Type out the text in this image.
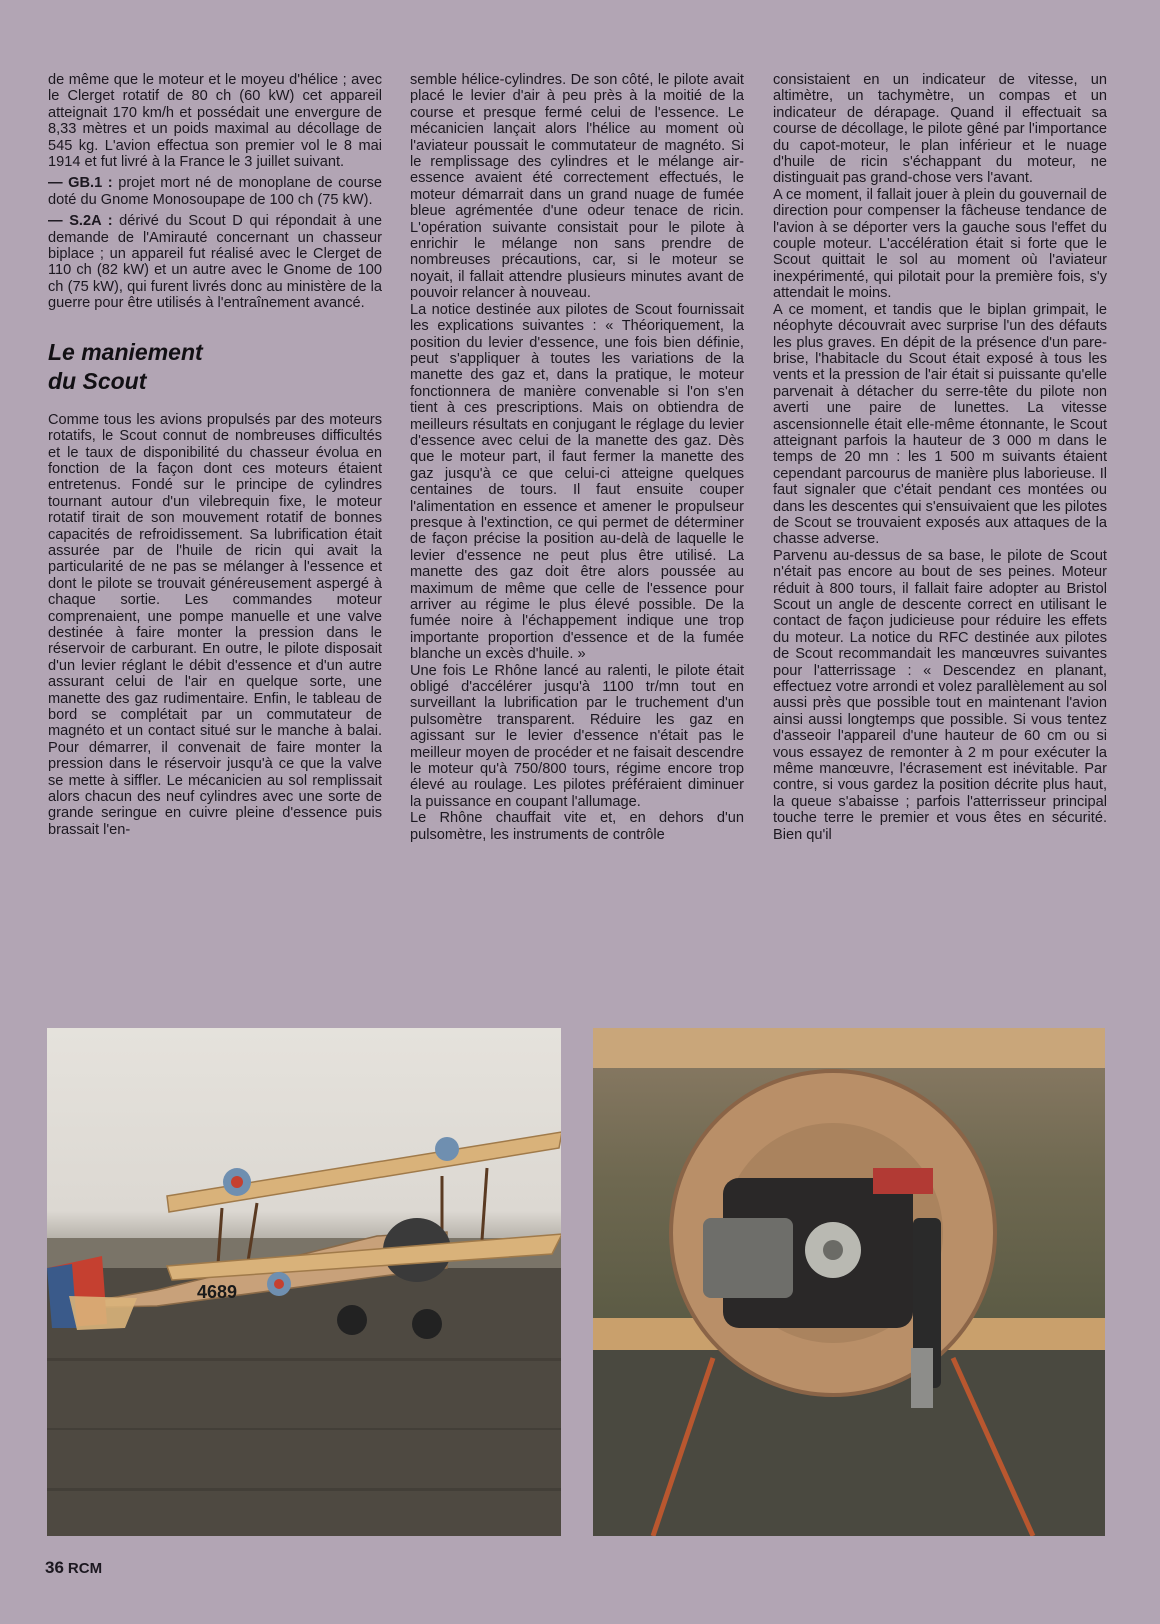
de même que le moteur et le moyeu d'hélice ; avec le Clerget rotatif de 80 ch (60 kW) cet appareil atteignait 170 km/h et possédait une envergure de 8,33 mètres et un poids maximal au décollage de 545 kg. L'avion effectua son premier vol le 8 mai 1914 et fut livré à la France le 3 juillet suivant.

— GB.1 : projet mort né de monoplane de course doté du Gnome Monosoupape de 100 ch (75 kW).

— S.2A : dérivé du Scout D qui répondait à une demande de l'Amirauté concernant un chasseur biplace ; un appareil fut réalisé avec le Clerget de 110 ch (82 kW) et un autre avec le Gnome de 100 ch (75 kW), qui furent livrés donc au ministère de la guerre pour être utilisés à l'entraînement avancé.

Le maniement
du Scout

Comme tous les avions propulsés par des moteurs rotatifs, le Scout connut de nombreuses difficultés et le taux de disponibilité du chasseur évolua en fonction de la façon dont ces moteurs étaient entretenus. Fondé sur le principe de cylindres tournant autour d'un vilebrequin fixe, le moteur rotatif tirait de son mouvement rotatif de bonnes capacités de refroidissement. Sa lubrification était assurée par de l'huile de ricin qui avait la particularité de ne pas se mélanger à l'essence et dont le pilote se trouvait généreusement aspergé à chaque sortie. Les commandes moteur comprenaient, une pompe manuelle et une valve destinée à faire monter la pression dans le réservoir de carburant. En outre, le pilote disposait d'un levier réglant le débit d'essence et d'un autre assurant celui de l'air en quelque sorte, une manette des gaz rudimentaire. Enfin, le tableau de bord se complétait par un commutateur de magnéto et un contact situé sur le manche à balai. Pour démarrer, il convenait de faire monter la pression dans le réservoir jusqu'à ce que la valve se mette à siffler. Le mécanicien au sol remplissait alors chacun des neuf cylindres avec une sorte de grande seringue en cuivre pleine d'essence puis brassait l'en-

semble hélice-cylindres. De son côté, le pilote avait placé le levier d'air à peu près à la moitié de la course et presque fermé celui de l'essence. Le mécanicien lançait alors l'hélice au moment où l'aviateur poussait le commutateur de magnéto. Si le remplissage des cylindres et le mélange air-essence avaient été correctement effectués, le moteur démarrait dans un grand nuage de fumée bleue agrémentée d'une odeur tenace de ricin. L'opération suivante consistait pour le pilote à enrichir le mélange non sans prendre de nombreuses précautions, car, si le moteur se noyait, il fallait attendre plusieurs minutes avant de pouvoir relancer à nouveau.

La notice destinée aux pilotes de Scout fournissait les explications suivantes : « Théoriquement, la position du levier d'essence, une fois bien définie, peut s'appliquer à toutes les variations de la manette des gaz et, dans la pratique, le moteur fonctionnera de manière convenable si l'on s'en tient à ces prescriptions. Mais on obtiendra de meilleurs résultats en conjugant le réglage du levier d'essence avec celui de la manette des gaz. Dès que le moteur part, il faut fermer la manette des gaz jusqu'à ce que celui-ci atteigne quelques centaines de tours. Il faut ensuite couper l'alimentation en essence et amener le propulseur presque à l'extinction, ce qui permet de déterminer de façon précise la position au-delà de laquelle le levier d'essence ne peut plus être utilisé. La manette des gaz doit être alors poussée au maximum de même que celle de l'essence pour arriver au régime le plus élevé possible. De la fumée noire à l'échappement indique une trop importante proportion d'essence et de la fumée blanche un excès d'huile. »

Une fois Le Rhône lancé au ralenti, le pilote était obligé d'accélérer jusqu'à 1100 tr/mn tout en surveillant la lubrification par le truchement d'un pulsomètre transparent. Réduire les gaz en agissant sur le levier d'essence n'était pas le meilleur moyen de procéder et ne faisait descendre le moteur qu'à 750/800 tours, régime encore trop élevé au roulage. Les pilotes préféraient diminuer la puissance en coupant l'allumage.

Le Rhône chauffait vite et, en dehors d'un pulsomètre, les instruments de contrôle

consistaient en un indicateur de vitesse, un altimètre, un tachymètre, un compas et un indicateur de dérapage. Quand il effectuait sa course de décollage, le pilote gêné par l'importance du capot-moteur, le plan inférieur et le nuage d'huile de ricin s'échappant du moteur, ne distinguait pas grand-chose vers l'avant.

A ce moment, il fallait jouer à plein du gouvernail de direction pour compenser la fâcheuse tendance de l'avion à se déporter vers la gauche sous l'effet du couple moteur. L'accélération était si forte que le Scout quittait le sol au moment où l'aviateur inexpérimenté, qui pilotait pour la première fois, s'y attendait le moins.

A ce moment, et tandis que le biplan grimpait, le néophyte découvrait avec surprise l'un des défauts les plus graves. En dépit de la présence d'un pare-brise, l'habitacle du Scout était exposé à tous les vents et la pression de l'air était si puissante qu'elle parvenait à détacher du serre-tête du pilote non averti une paire de lunettes. La vitesse ascensionnelle était elle-même étonnante, le Scout atteignant parfois la hauteur de 3 000 m dans le temps de 20 mn : les 1 500 m suivants étaient cependant parcourus de manière plus laborieuse. Il faut signaler que c'était pendant ces montées ou dans les descentes qui s'ensuivaient que les pilotes de Scout se trouvaient exposés aux attaques de la chasse adverse.

Parvenu au-dessus de sa base, le pilote de Scout n'était pas encore au bout de ses peines. Moteur réduit à 800 tours, il fallait faire adopter au Bristol Scout un angle de descente correct en utilisant le contact de façon judicieuse pour réduire les effets du moteur. La notice du RFC destinée aux pilotes de Scout recommandait les manœuvres suivantes pour l'atterrissage : « Descendez en planant, effectuez votre arrondi et volez parallèlement au sol aussi près que possible tout en maintenant l'avion ainsi aussi longtemps que possible. Si vous tentez d'asseoir l'appareil d'une hauteur de 60 cm ou si vous essayez de remonter à 2 m pour exécuter la même manœuvre, l'écrasement est inévitable. Par contre, si vous gardez la position décrite plus haut, la queue s'abaisse ; parfois l'atterrisseur principal touche terre le premier et vous êtes en sécurité. Bien qu'il

4689
36 RCM
